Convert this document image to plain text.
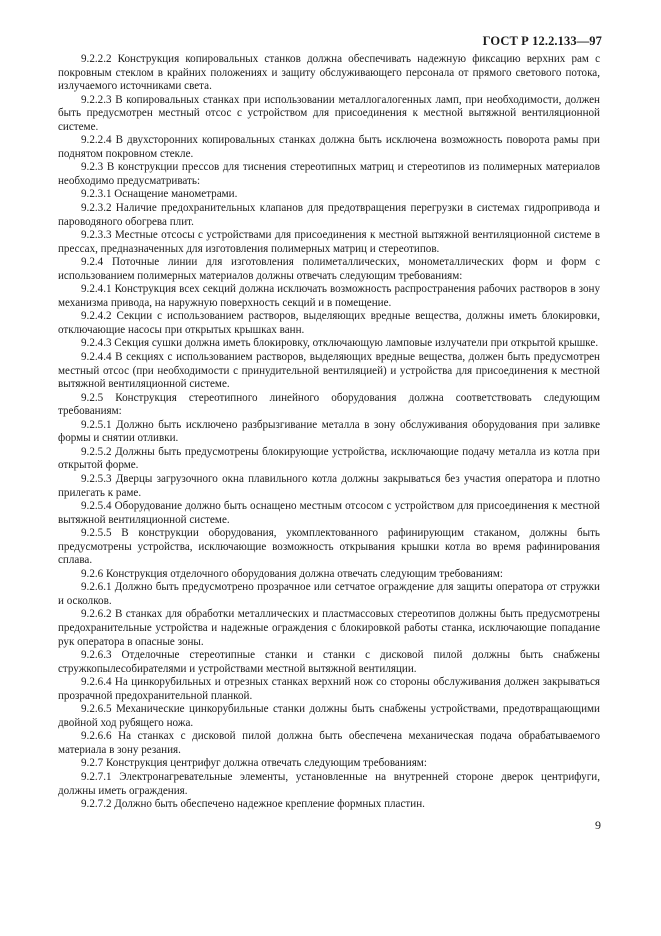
ГОСТ Р 12.2.133—97

9.2.2.2 Конструкция копировальных станков должна обеспечивать надежную фиксацию верхних рам с покровным стеклом в крайних положениях и защиту обслуживающего персонала от прямого светового потока, излучаемого источниками света.

9.2.2.3 В копировальных станках при использовании металлогалогенных ламп, при необходимости, должен быть предусмотрен местный отсос с устройством для присоединения к местной вытяжной вентиляционной системе.

9.2.2.4 В двухсторонних копировальных станках должна быть исключена возможность поворота рамы при поднятом покровном стекле.

9.2.3 В конструкции прессов для тиснения стереотипных матриц и стереотипов из полимерных материалов необходимо предусматривать:

9.2.3.1 Оснащение манометрами.

9.2.3.2 Наличие предохранительных клапанов для предотвращения перегрузки в системах гидропривода и пароводяного обогрева плит.

9.2.3.3 Местные отсосы с устройствами для присоединения к местной вытяжной вентиляционной системе в прессах, предназначенных для изготовления полимерных матриц и стереотипов.

9.2.4 Поточные линии для изготовления полиметаллических, монометаллических форм и форм с использованием полимерных материалов должны отвечать следующим требованиям:

9.2.4.1 Конструкция всех секций должна исключать возможность распространения рабочих растворов в зону механизма привода, на наружную поверхность секций и в помещение.

9.2.4.2 Секции с использованием растворов, выделяющих вредные вещества, должны иметь блокировки, отключающие насосы при открытых крышках ванн.

9.2.4.3 Секция сушки должна иметь блокировку, отключающую ламповые излучатели при открытой крышке.

9.2.4.4 В секциях с использованием растворов, выделяющих вредные вещества, должен быть предусмотрен местный отсос (при необходимости с принудительной вентиляцией) и устройства для присоединения к местной вытяжной вентиляционной системе.

9.2.5 Конструкция стереотипного линейного оборудования должна соответствовать следующим требованиям:

9.2.5.1 Должно быть исключено разбрызгивание металла в зону обслуживания оборудования при заливке формы и снятии отливки.

9.2.5.2 Должны быть предусмотрены блокирующие устройства, исключающие подачу металла из котла при открытой форме.

9.2.5.3 Дверцы загрузочного окна плавильного котла должны закрываться без участия оператора и плотно прилегать к раме.

9.2.5.4 Оборудование должно быть оснащено местным отсосом с устройством для присоединения к местной вытяжной вентиляционной системе.

9.2.5.5 В конструкции оборудования, укомплектованного рафинирующим стаканом, должны быть предусмотрены устройства, исключающие возможность открывания крышки котла во время рафинирования сплава.

9.2.6 Конструкция отделочного оборудования должна отвечать следующим требованиям:

9.2.6.1 Должно быть предусмотрено прозрачное или сетчатое ограждение для защиты оператора от стружки и осколков.

9.2.6.2 В станках для обработки металлических и пластмассовых стереотипов должны быть предусмотрены предохранительные устройства и надежные ограждения с блокировкой работы станка, исключающие попадание рук оператора в опасные зоны.

9.2.6.3 Отделочные стереотипные станки и станки с дисковой пилой должны быть снабжены стружкопылесобирателями и устройствами местной вытяжной вентиляции.

9.2.6.4 На цинкорубильных и отрезных станках верхний нож со стороны обслуживания должен закрываться прозрачной предохранительной планкой.

9.2.6.5 Механические цинкорубильные станки должны быть снабжены устройствами, предотвращающими двойной ход рубящего ножа.

9.2.6.6 На станках с дисковой пилой должна быть обеспечена механическая подача обрабатываемого материала в зону резания.

9.2.7 Конструкция центрифуг должна отвечать следующим требованиям:

9.2.7.1 Электронагревательные элементы, установленные на внутренней стороне дверок центрифуги, должны иметь ограждения.

9.2.7.2 Должно быть обеспечено надежное крепление формных пластин.

9
